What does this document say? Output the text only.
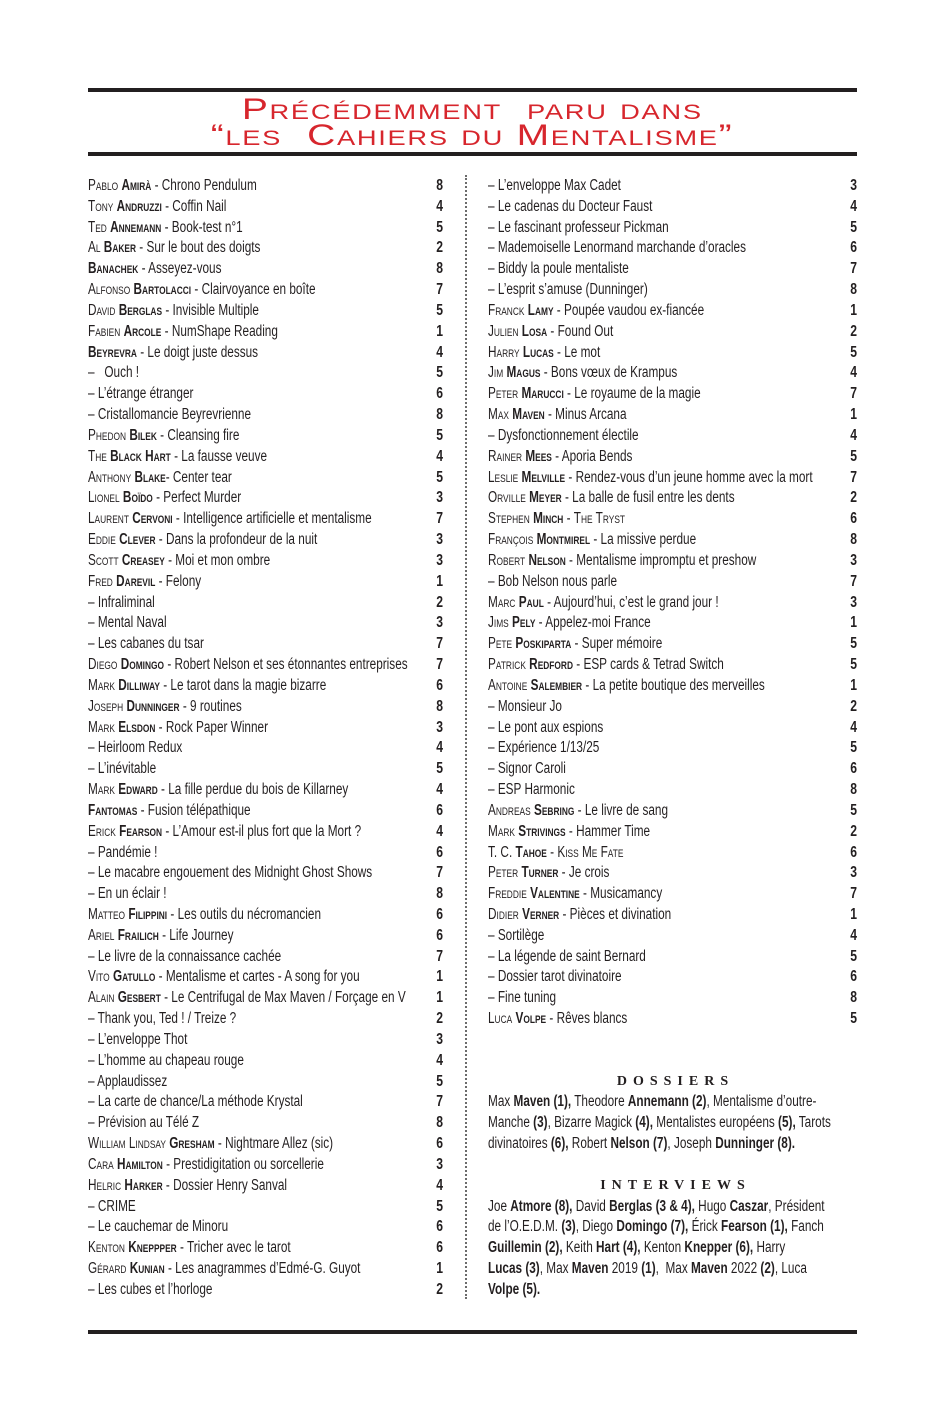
Précédemment  paru dans
“les  Cahiers du Mentalisme”
Pablo Amirà - Chrono Pendulum	8
Tony Andruzzi - Coffin Nail	4
Ted Annemann - Book-test n°1	5
Al Baker - Sur le bout des doigts	2
Banachek - Asseyez-vous	8
Alfonso Bartolacci - Clairvoyance en boîte	7
David Berglas - Invisible Multiple	5
Fabien Arcole - NumShape Reading	1
Beyrevra - Le doigt juste dessus	4
–   Ouch !	5
– L’étrange étranger	6
– Cristallomancie Beyrevrienne	8
Phedon Bilek - Cleansing fire	5
The Black Hart - La fausse veuve	4
Anthony Blake- Center tear	5
Lionel Boïdo - Perfect Murder	3
Laurent Cervoni - Intelligence artificielle et mentalisme	7
Eddie Clever - Dans la profondeur de la nuit	3
Scott Creasey - Moi et mon ombre	3
Fred Darevil - Felony	1
– Infraliminal	2
– Mental Naval	3
– Les cabanes du tsar	7
Diego Domingo - Robert Nelson et ses étonnantes entreprises 7
Mark Dilliway - Le tarot dans la magie bizarre	6
Joseph Dunninger - 9 routines	8
Mark Elsdon - Rock Paper Winner	3
– Heirloom Redux	4
– L’inévitable	5
Mark Edward - La fille perdue du bois de Killarney	4
Fantomas - Fusion télépathique	6
Erick Fearson - L’Amour est-il plus fort que la Mort ?	4
– Pandémie !	6
– Le macabre engouement des Midnight Ghost Shows	7
– En un éclair !	8
Matteo Filippini - Les outils du nécromancien	6
Ariel Frailich - Life Journey	6
– Le livre de la connaissance cachée	7
Vito Gatullo - Mentalisme et cartes - A song for you	1
Alain Gesbert - Le Centrifugal de Max Maven / Forçage en V 1
– Thank you, Ted ! / Treize ?	2
– L’enveloppe Thot	3
– L’homme au chapeau rouge	4
– Applaudissez	5
– La carte de chance/La méthode Krystal	7
– Prévision au Télé Z	8
William Lindsay Gresham - Nightmare Allez (sic)	6
Cara Hamilton - Prestidigitation ou sorcellerie	3
Helric Harker - Dossier Henry Sanval	4
– CRIME	5
– Le cauchemar de Minoru	6
Kenton Kneppper - Tricher avec le tarot	6
Gérard Kunian - Les anagrammes d’Edmé-G. Guyot	1
– Les cubes et l’horloge	2
– L’enveloppe Max Cadet	3
– Le cadenas du Docteur Faust	4
– Le fascinant professeur Pickman	5
– Mademoiselle Lenormand marchande d’oracles	6
– Biddy la poule mentaliste	7
– L’esprit s’amuse (Dunninger)	8
Franck Lamy - Poupée vaudou ex-fiancée	1
Julien Losa - Found Out	2
Harry Lucas - Le mot	5
Jim Magus - Bons vœux de Krampus	4
Peter Marucci - Le royaume de la magie	7
Max Maven - Minus Arcana	1
– Dysfonctionnement électile	4
Rainer Mees - Aporia Bends	5
Leslie Melville - Rendez-vous d’un jeune homme avec la mort 7
Orville Meyer - La balle de fusil entre les dents	2
Stephen Minch - The Tryst	6
François Montmirel - La missive perdue	8
Robert Nelson - Mentalisme impromptu et preshow	3
– Bob Nelson nous parle	7
Marc Paul - Aujourd’hui, c’est le grand jour !	3
Jims Pely - Appelez-moi France	1
Pete Poskiparta - Super mémoire	5
Patrick Redford - ESP cards & Tetrad Switch	5
Antoine Salembier - La petite boutique des merveilles	1
– Monsieur Jo	2
– Le pont aux espions	4
– Expérience 1/13/25	5
– Signor Caroli	6
– ESP Harmonic	8
Andreas Sebring - Le livre de sang	5
Mark Strivings - Hammer Time	2
T. C. Tahoe - Kiss Me Fate	6
Peter Turner - Je crois	3
Freddie Valentine - Musicamancy	7
Didier Verner - Pièces et divination	1
– Sortilège	4
– La légende de saint Bernard	5
– Dossier tarot divinatoire	6
– Fine tuning	8
Luca Volpe - Rêves blancs	5
DOSSIERS
Max Maven (1), Theodore Annemann (2), Mentalisme d’outre-
Manche (3), Bizarre Magick (4), Mentalistes européens (5), Tarots
divinatoires (6), Robert Nelson (7), Joseph Dunninger (8).
INTERVIEWS
Joe Atmore (8), David Berglas (3 & 4), Hugo Caszar, Président
de l’O.E.D.M. (3), Diego Domingo (7), Érick Fearson (1), Fanch
Guillemin (2), Keith Hart (4), Kenton Knepper (6), Harry
Lucas (3), Max Maven 2019 (1),  Max Maven 2022 (2), Luca
Volpe (5).
